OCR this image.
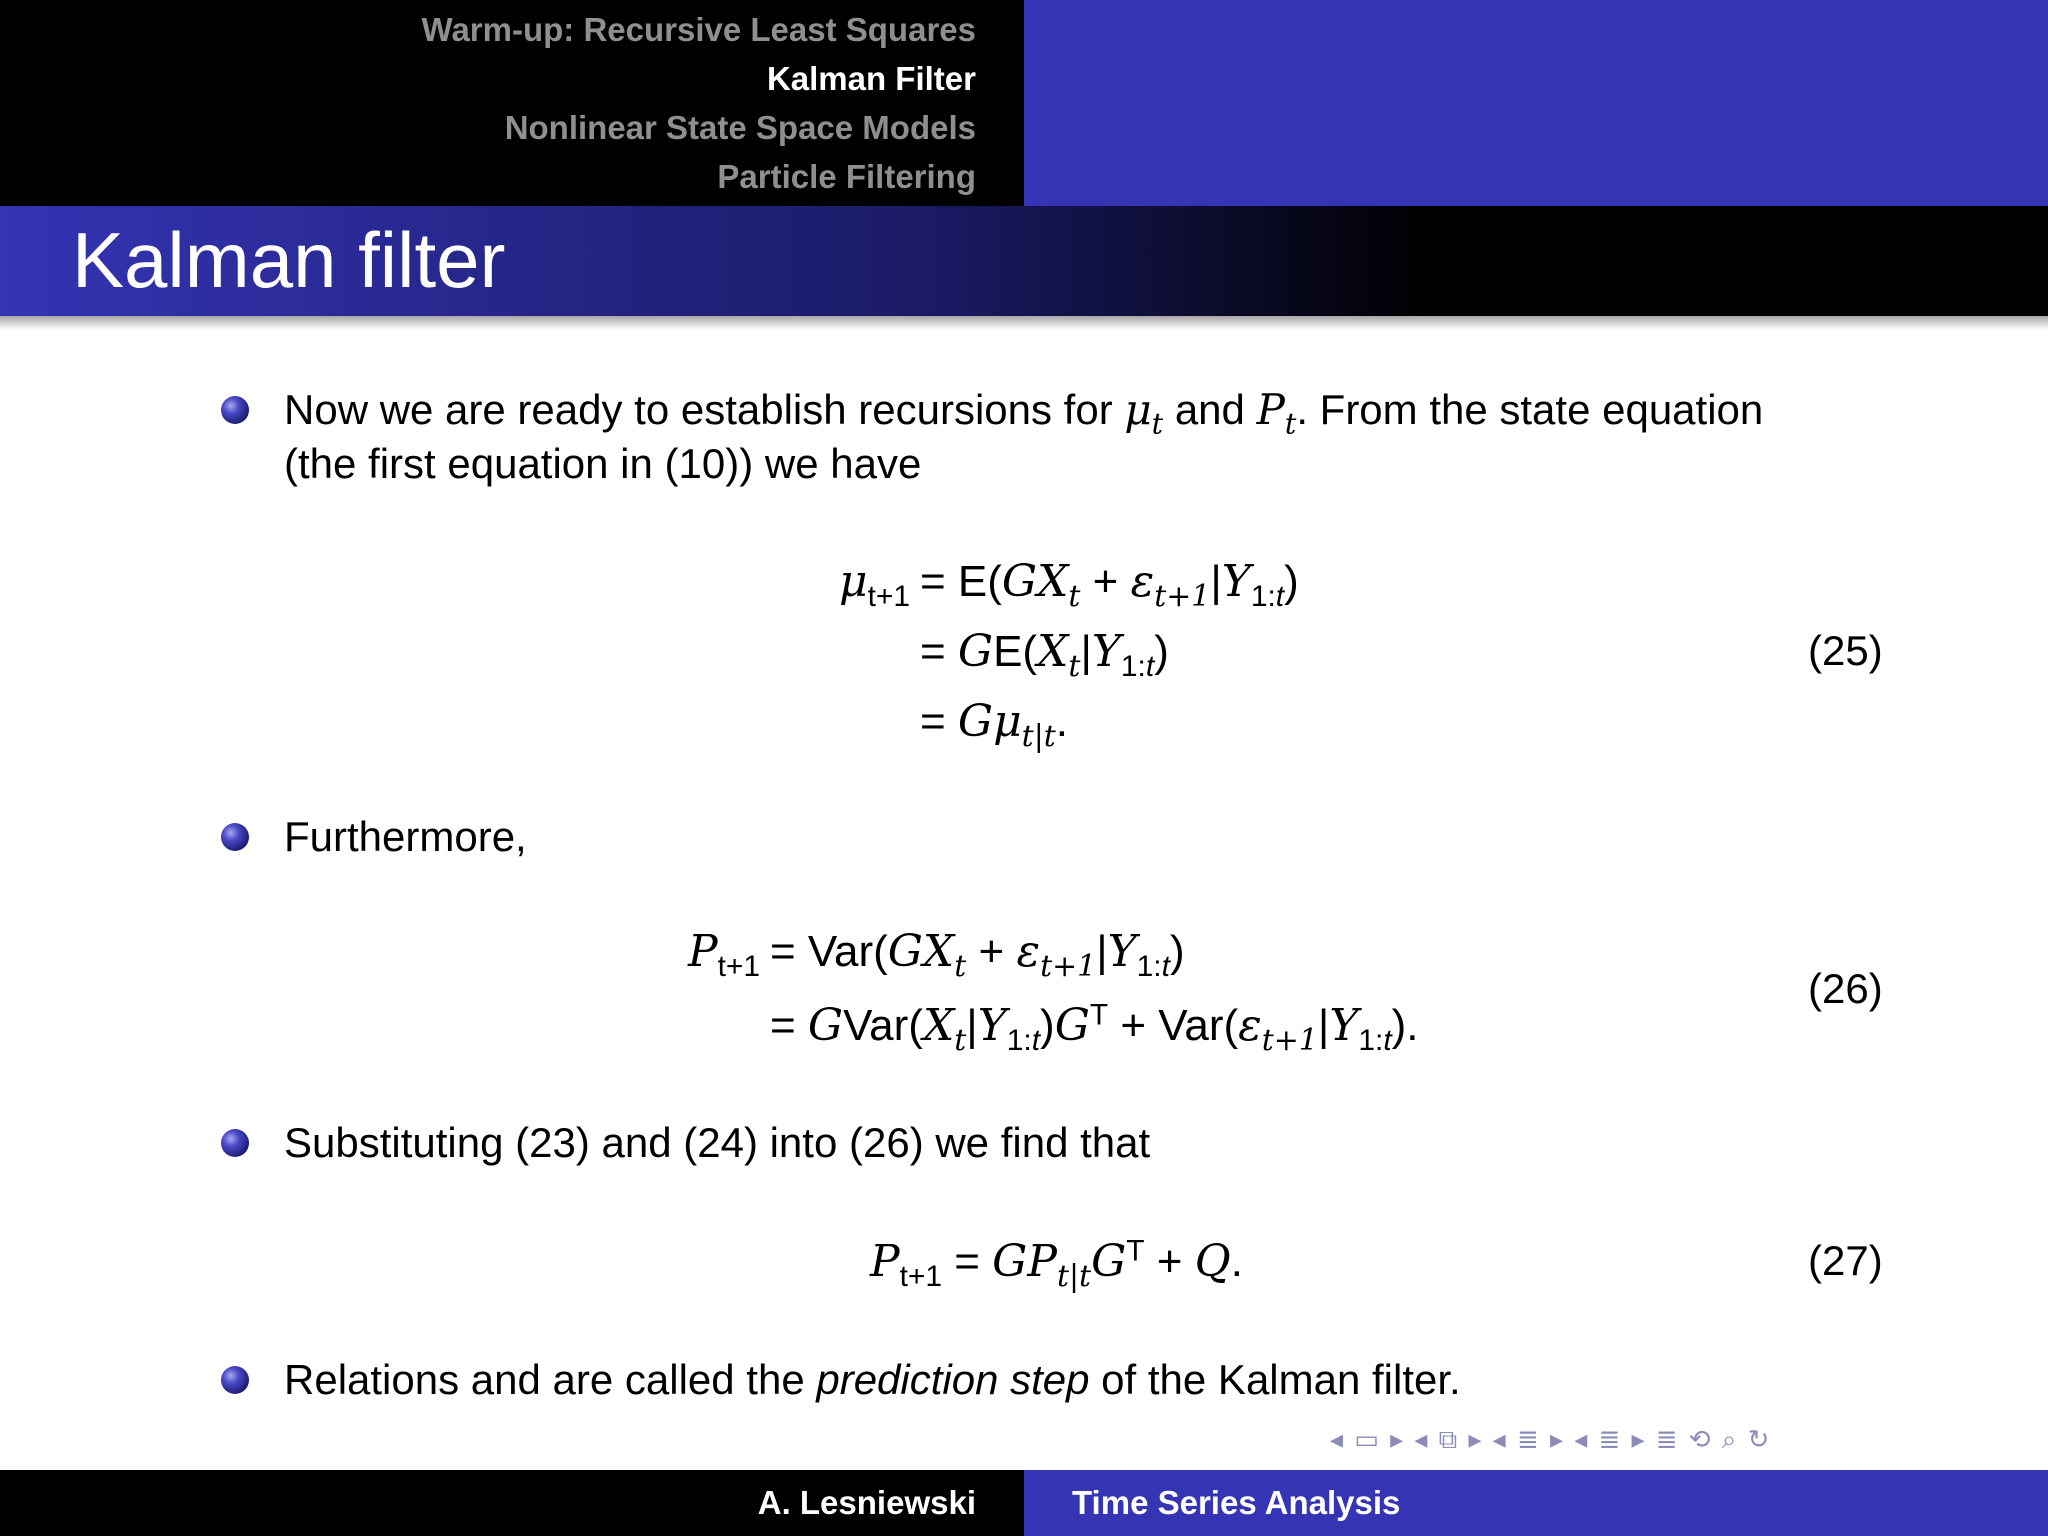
Warm-up: Recursive Least Squares
Kalman Filter
Nonlinear State Space Models
Particle Filtering
Kalman filter
Now we are ready to establish recursions for $\mu_t$ and $P_t$. From the state equation
(the first equation in (10)) we have
$\mu_{t+1} = E(GX_t + \varepsilon_{t+1}|Y_{1:t})$
= $GE(X_t|Y_{1:t})$
= $G\mu_{t|t}$.
(25)
Furthermore,
$P_{t+1} = Var(GX_t + \varepsilon_{t+1}|Y_{1:t})$
= $GVar(X_t|Y_{1:t})G^T + Var(\varepsilon_{t+1}|Y_{1:t})$.
(26)
Substituting (23) and (24) into (26) we find that
$P_{t+1} = GP_{t|t}G^T + Q$.	(27)
Relations and are called the prediction step of the Kalman filter.
◂ ▭ ▸ ◂ ⧉ ▸ ◂ ≣ ▸ ◂ ≣ ▸ ≣ ⟲ ⌕ ↻
A. Lesniewski	Time Series Analysis
